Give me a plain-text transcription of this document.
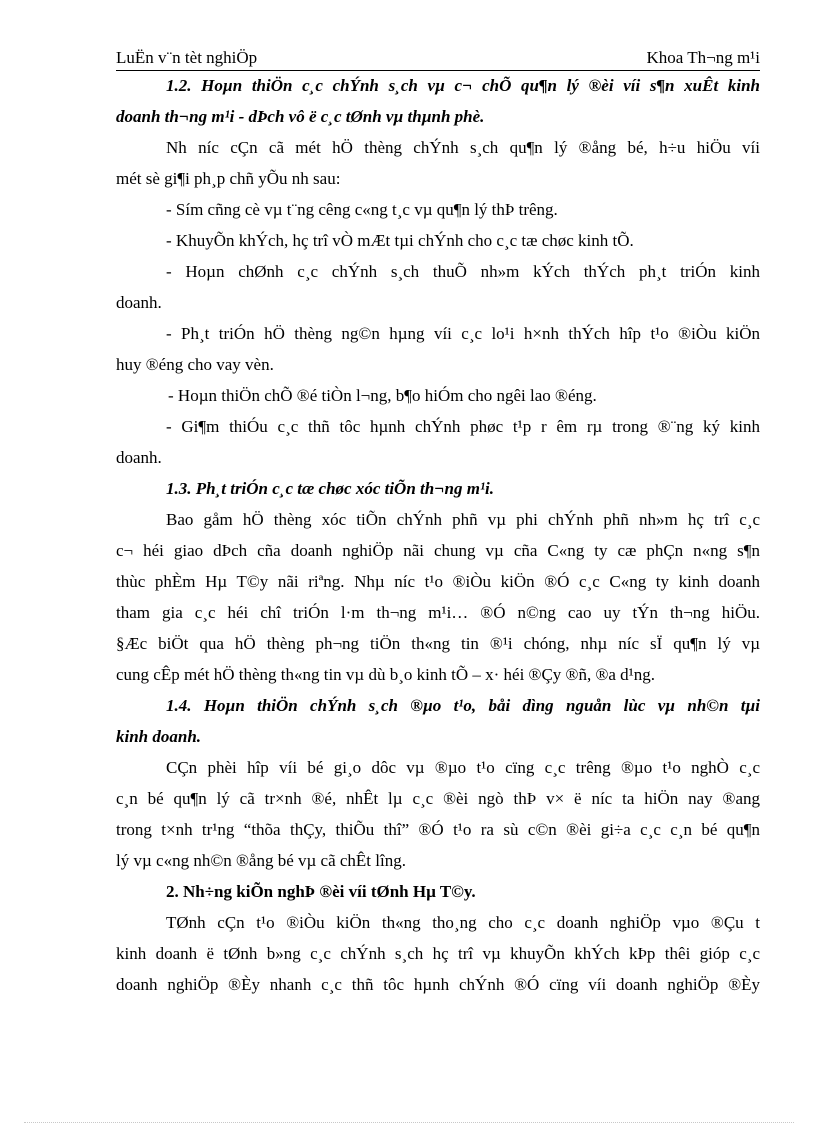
LuËn v¨n tèt nghiÖp	Khoa Th¬ng m¹i
1.2. Hoµn thiÖn c¸c chÝnh s¸ch vµ c¬ chÕ qu¶n lý ®èi víi s¶n xuÊt kinh
doanh th¬ng m¹i - dÞch vô ë c¸c tØnh vµ thµnh phè.
Nh níc cÇn cã mét hÖ thèng chÝnh s¸ch qu¶n lý ®ång bé, h÷u hiÖu víi
mét sè gi¶i ph¸p chñ yÕu nh sau:
- Sím cñng cè vµ t¨ng cêng c«ng t¸c vµ qu¶n lý thÞ trêng.
- KhuyÕn khÝch, hç trî vÒ mÆt tµi chÝnh cho c¸c tæ chøc kinh tÕ.
- Hoµn chØnh c¸c chÝnh s¸ch thuÕ nh»m kÝch thÝch ph¸t triÓn kinh
doanh.
- Ph¸t triÓn hÖ thèng ng©n hµng víi c¸c lo¹i h×nh thÝch hîp t¹o ®iÒu kiÖn
huy ®éng cho vay vèn.
- Hoµn thiÖn chÕ ®é tiÒn l¬ng, b¶o hiÓm cho ngêi lao ®éng.
- Gi¶m thiÓu c¸c thñ tôc hµnh chÝnh phøc t¹p r êm rµ trong ®¨ng ký kinh
doanh.
1.3. Ph¸t triÓn c¸c tæ chøc xóc tiÕn th¬ng m¹i.
Bao gåm hÖ thèng xóc tiÕn chÝnh phñ vµ phi chÝnh phñ nh»m hç trî c¸c
c¬ héi giao dÞch cña doanh nghiÖp nãi chung vµ cña C«ng ty cæ phÇn n«ng s¶n
thùc phÈm Hµ T©y nãi riªng. Nhµ níc t¹o ®iÒu kiÖn ®Ó c¸c C«ng ty kinh doanh
tham gia c¸c héi chî triÓn l·m th¬ng m¹i… ®Ó n©ng cao uy tÝn th¬ng hiÖu.
§Æc biÖt qua hÖ thèng ph¬ng tiÖn th«ng tin ®¹i chóng, nhµ níc sÏ qu¶n lý vµ
cung cÊp mét hÖ thèng th«ng tin vµ dù b¸o kinh tÕ – x· héi ®Çy ®ñ, ®a d¹ng.
1.4. Hoµn thiÖn chÝnh s¸ch ®µo t¹o, båi dìng nguån lùc vµ nh©n tµi
kinh doanh.
CÇn phèi hîp víi bé gi¸o dôc vµ ®µo t¹o cïng c¸c trêng ®µo t¹o nghÒ c¸c
c¸n bé qu¶n lý cã tr×nh ®é, nhÊt lµ c¸c ®èi ngò thÞ v× ë níc ta hiÖn nay ®ang
trong t×nh tr¹ng “thõa thÇy, thiÕu thî” ®Ó t¹o ra sù c©n ®èi gi÷a c¸c c¸n bé qu¶n
lý vµ c«ng nh©n ®ång bé vµ cã chÊt lîng.
2. Nh÷ng kiÕn nghÞ ®èi víi tØnh Hµ T©y.
TØnh cÇn t¹o ®iÒu kiÖn th«ng tho¸ng cho c¸c doanh nghiÖp vµo ®Çu t
kinh doanh ë tØnh b»ng c¸c chÝnh s¸ch hç trî vµ khuyÕn khÝch kÞp thêi gióp c¸c
doanh nghiÖp ®Èy nhanh c¸c thñ tôc hµnh chÝnh ®Ó cïng víi doanh nghiÖp ®Èy
